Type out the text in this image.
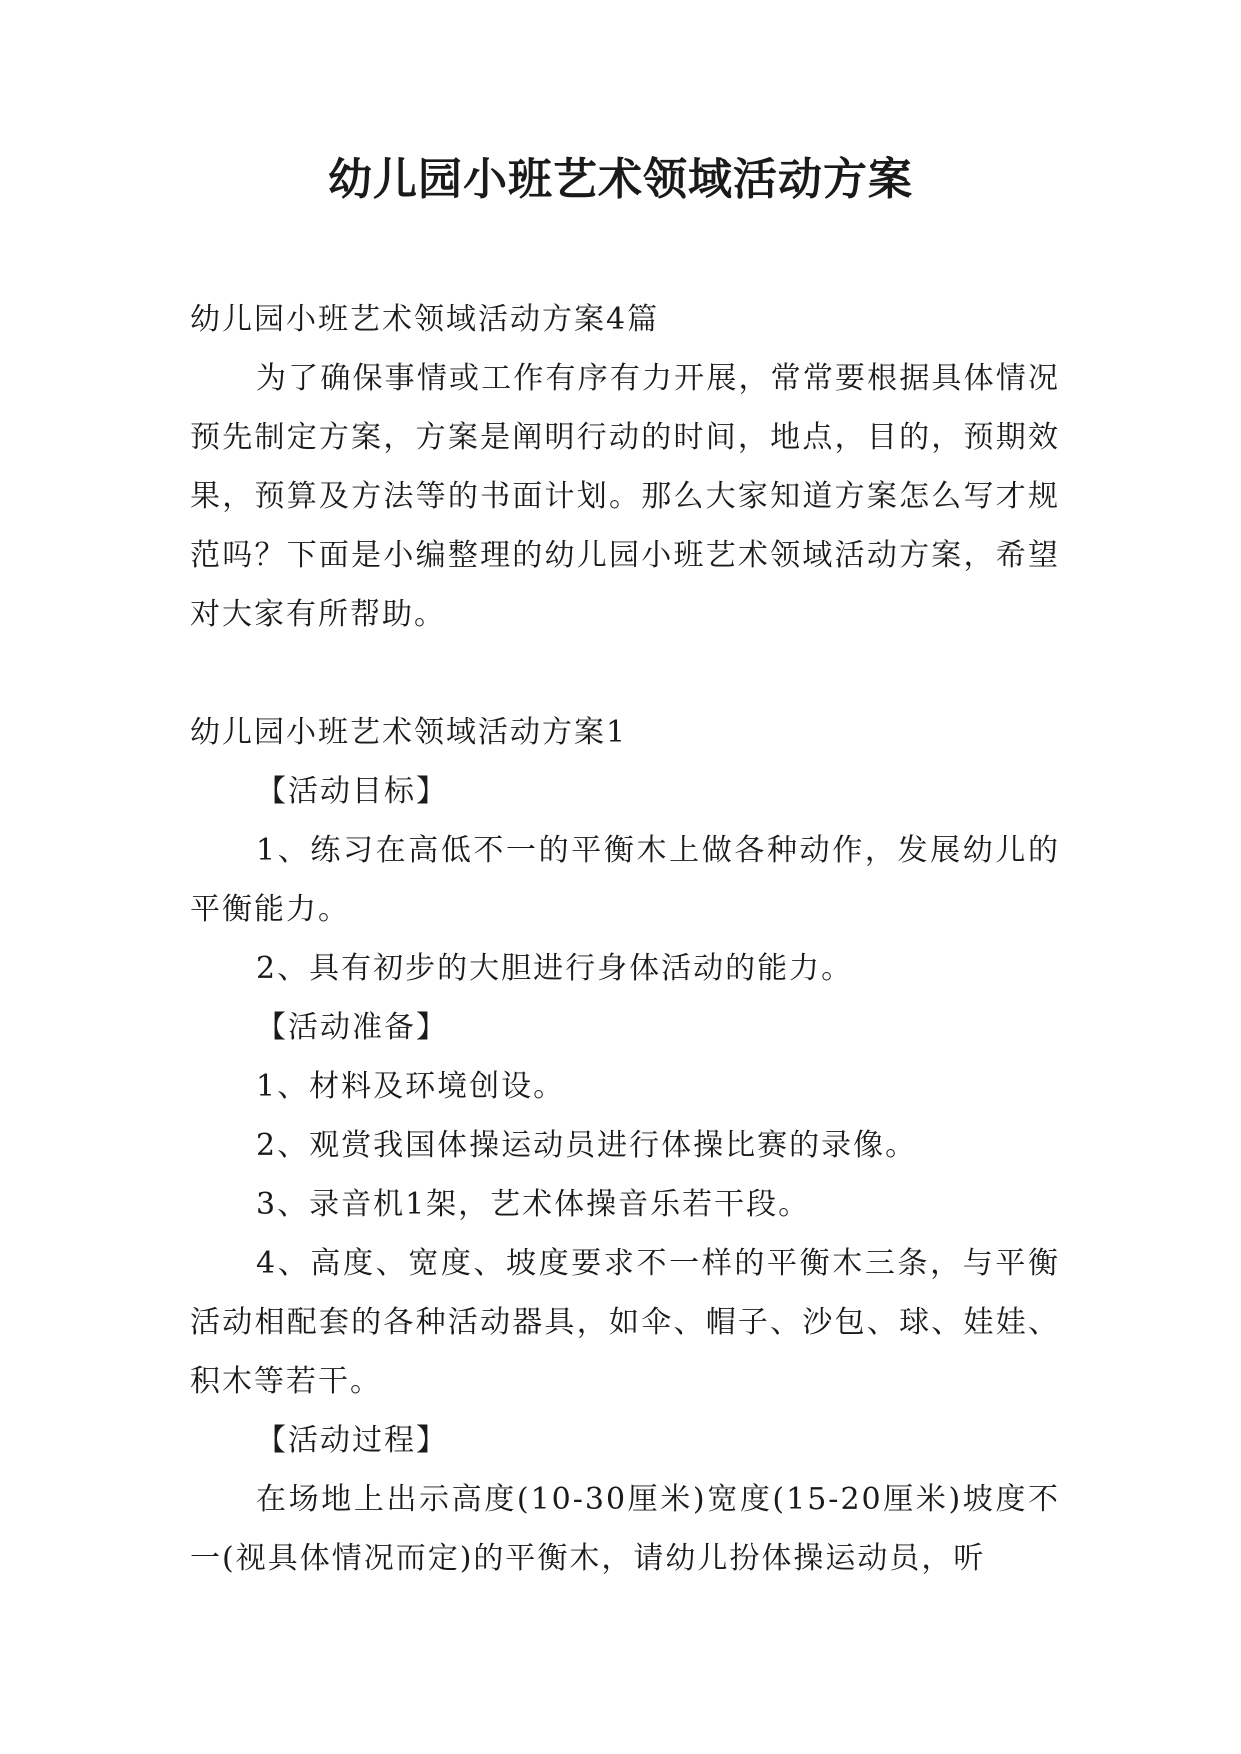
幼儿园小班艺术领域活动方案

幼儿园小班艺术领域活动方案4篇

为了确保事情或工作有序有力开展，常常要根据具体情况预先制定方案，方案是阐明行动的时间，地点，目的，预期效果，预算及方法等的书面计划。那么大家知道方案怎么写才规范吗？下面是小编整理的幼儿园小班艺术领域活动方案，希望对大家有所帮助。

幼儿园小班艺术领域活动方案1

【活动目标】

1、练习在高低不一的平衡木上做各种动作，发展幼儿的平衡能力。

2、具有初步的大胆进行身体活动的能力。

【活动准备】

1、材料及环境创设。

2、观赏我国体操运动员进行体操比赛的录像。

3、录音机1架，艺术体操音乐若干段。

4、高度、宽度、坡度要求不一样的平衡木三条，与平衡活动相配套的各种活动器具，如伞、帽子、沙包、球、娃娃、积木等若干。

【活动过程】

在场地上出示高度(10-30厘米)宽度(15-20厘米)坡度不一(视具体情况而定)的平衡木，请幼儿扮体操运动员，听
